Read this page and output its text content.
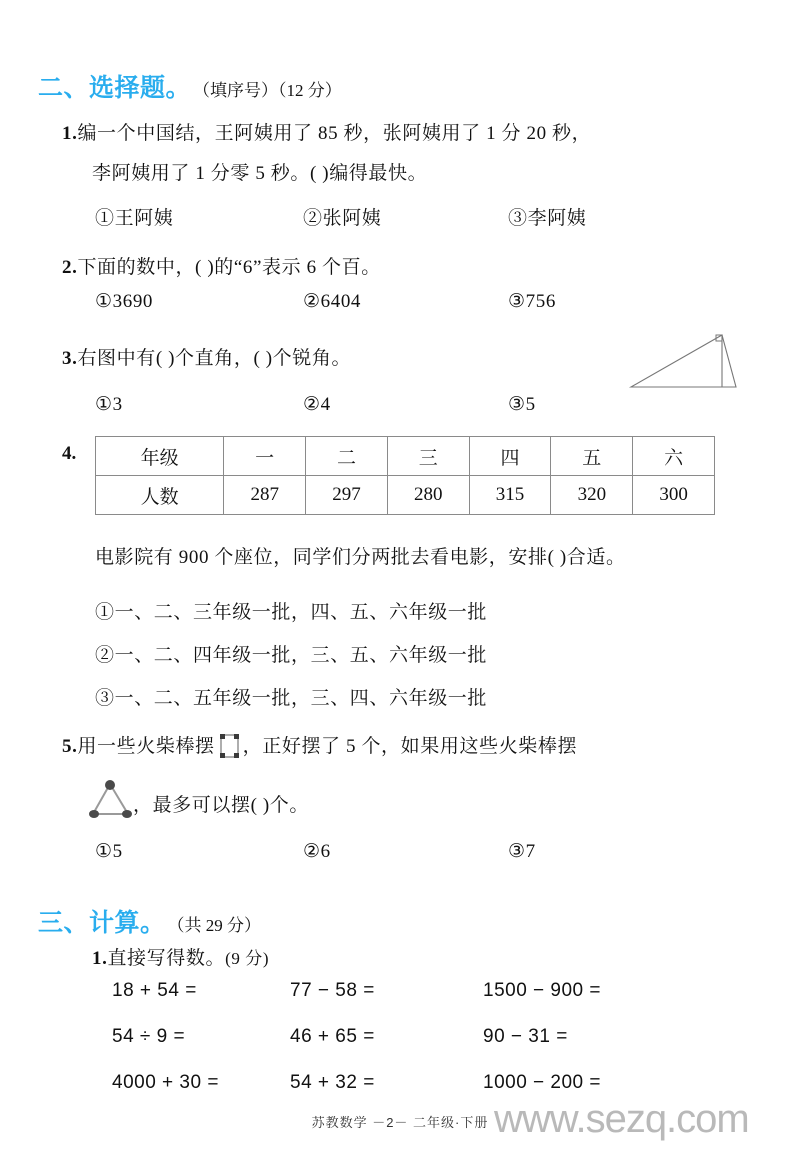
二、选择题。 （填序号）（12 分）
1.编一个中国结，王阿姨用了 85 秒，张阿姨用了 1 分 20 秒，
李阿姨用了 1 分零 5 秒。( )编得最快。
①王阿姨	②张阿姨	③李阿姨
2.下面的数中，( )的“6”表示 6 个百。
①3690	②6404	③756
3.右图中有( )个直角，( )个锐角。
①3	②4	③5
4.	年级	一	二	三	四	五	六
人数	287	297	280	315	320	300
电影院有 900 个座位，同学们分两批去看电影，安排( )合适。
①一、二、三年级一批，四、五、六年级一批
②一、二、四年级一批，三、五、六年级一批
③一、二、五年级一批，三、四、六年级一批
5.用一些火柴棒摆 ，正好摆了 5 个，如果用这些火柴棒摆
，最多可以摆( )个。
①5	②6	③7
三、计算。 （共 29 分）
1.直接写得数。(9 分)
18 + 54 =	77 − 58 =	1500 − 900 =
54 ÷ 9 =	46 + 65 =	90 − 31 =
4000 + 30 =	54 + 32 =	1000 − 200 =
苏教数学 －2－ 二年级·下册 www.sezq.com
